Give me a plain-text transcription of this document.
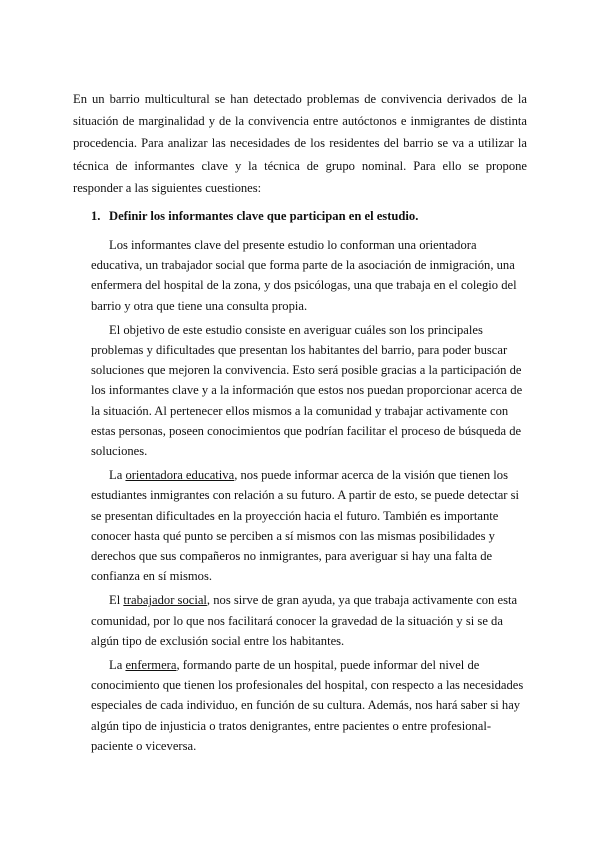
En un barrio multicultural se han detectado problemas de convivencia derivados de la situación de marginalidad y de la convivencia entre autóctonos e inmigrantes de distinta procedencia. Para analizar las necesidades de los residentes del barrio se va a utilizar la técnica de informantes clave y la técnica de grupo nominal. Para ello se propone responder a las siguientes cuestiones:

1. Definir los informantes clave que participan en el estudio.

Los informantes clave del presente estudio lo conforman una orientadora educativa, un trabajador social que forma parte de la asociación de inmigración, una enfermera del hospital de la zona, y dos psicólogas, una que trabaja en el colegio del barrio y otra que tiene una consulta propia.

El objetivo de este estudio consiste en averiguar cuáles son los principales problemas y dificultades que presentan los habitantes del barrio, para poder buscar soluciones que mejoren la convivencia. Esto será posible gracias a la participación de los informantes clave y a la información que estos nos puedan proporcionar acerca de la situación. Al pertenecer ellos mismos a la comunidad y trabajar activamente con estas personas, poseen conocimientos que podrían facilitar el proceso de búsqueda de soluciones.

La orientadora educativa, nos puede informar acerca de la visión que tienen los estudiantes inmigrantes con relación a su futuro. A partir de esto, se puede detectar si se presentan dificultades en la proyección hacia el futuro. También es importante conocer hasta qué punto se perciben a sí mismos con las mismas posibilidades y derechos que sus compañeros no inmigrantes, para averiguar si hay una falta de confianza en sí mismos.

El trabajador social, nos sirve de gran ayuda, ya que trabaja activamente con esta comunidad, por lo que nos facilitará conocer la gravedad de la situación y si se da algún tipo de exclusión social entre los habitantes.

La enfermera, formando parte de un hospital, puede informar del nivel de conocimiento que tienen los profesionales del hospital, con respecto a las necesidades especiales de cada individuo, en función de su cultura. Además, nos hará saber si hay algún tipo de injusticia o tratos denigrantes, entre pacientes o entre profesional-paciente o viceversa.
